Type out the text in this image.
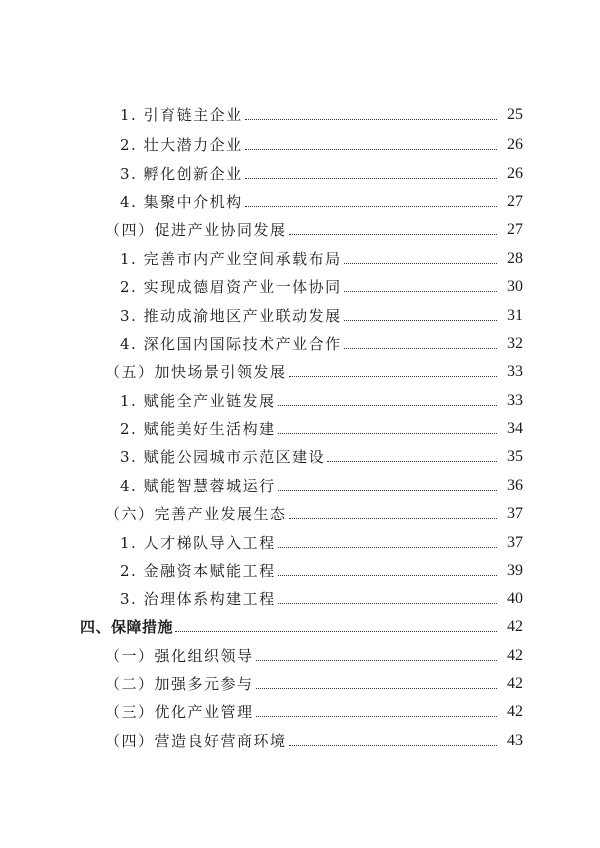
1. 引育链主企业	25
2. 壮大潜力企业	26
3. 孵化创新企业	26
4. 集聚中介机构	27
（四）促进产业协同发展	27
1. 完善市内产业空间承载布局	28
2. 实现成德眉资产业一体协同	30
3. 推动成渝地区产业联动发展	31
4. 深化国内国际技术产业合作	32
（五）加快场景引领发展	33
1. 赋能全产业链发展	33
2. 赋能美好生活构建	34
3. 赋能公园城市示范区建设	35
4. 赋能智慧蓉城运行	36
（六）完善产业发展生态	37
1. 人才梯队导入工程	37
2. 金融资本赋能工程	39
3. 治理体系构建工程	40
四、保障措施	42
（一）强化组织领导	42
（二）加强多元参与	42
（三）优化产业管理	42
（四）营造良好营商环境	43
